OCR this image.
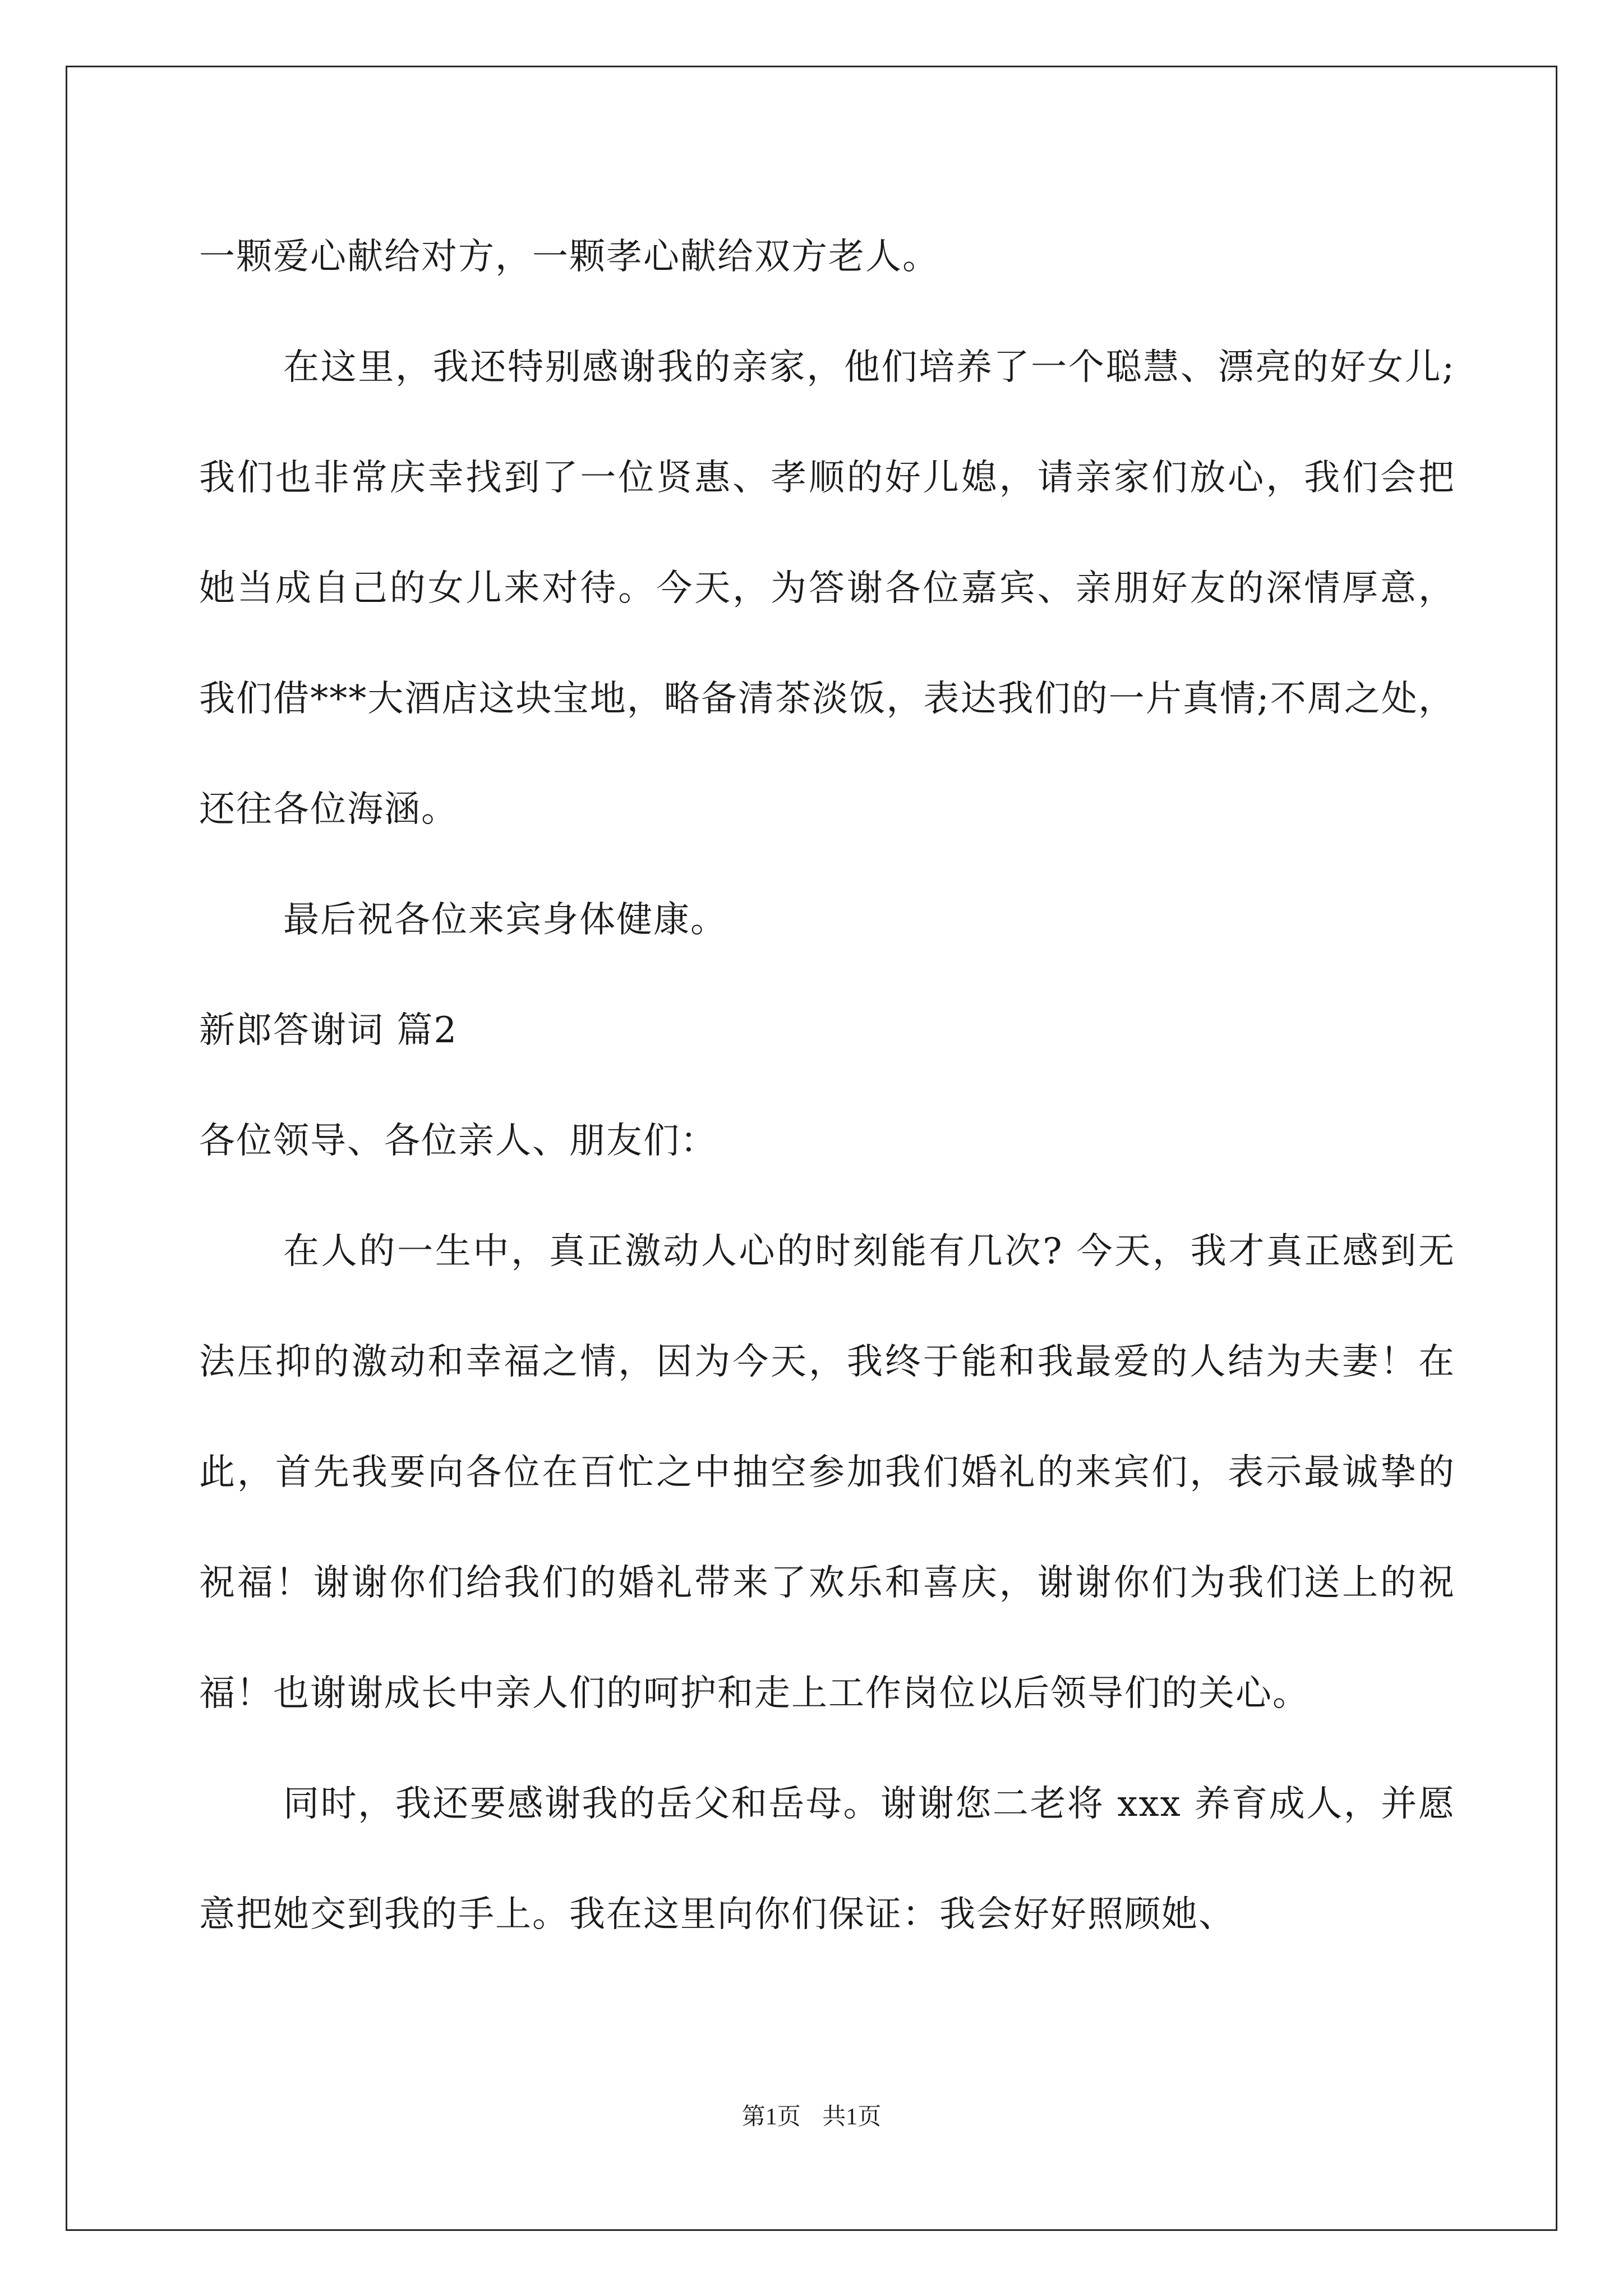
一颗爱心献给对方，一颗孝心献给双方老人。

在这里，我还特别感谢我的亲家，他们培养了一个聪慧、漂亮的好女儿;我们也非常庆幸找到了一位贤惠、孝顺的好儿媳，请亲家们放心，我们会把她当成自己的女儿来对待。今天，为答谢各位嘉宾、亲朋好友的深情厚意，我们借***大酒店这块宝地，略备清茶淡饭，表达我们的一片真情;不周之处，还往各位海涵。

最后祝各位来宾身体健康。

新郎答谢词 篇2

各位领导、各位亲人、朋友们：

在人的一生中，真正激动人心的时刻能有几次? 今天，我才真正感到无法压抑的激动和幸福之情，因为今天，我终于能和我最爱的人结为夫妻！在此，首先我要向各位在百忙之中抽空参加我们婚礼的来宾们，表示最诚挚的祝福！谢谢你们给我们的婚礼带来了欢乐和喜庆，谢谢你们为我们送上的祝福！也谢谢成长中亲人们的呵护和走上工作岗位以后领导们的关心。

同时，我还要感谢我的岳父和岳母。谢谢您二老将 xxx 养育成人，并愿意把她交到我的手上。我在这里向你们保证：我会好好照顾她、

第1页 共1页
